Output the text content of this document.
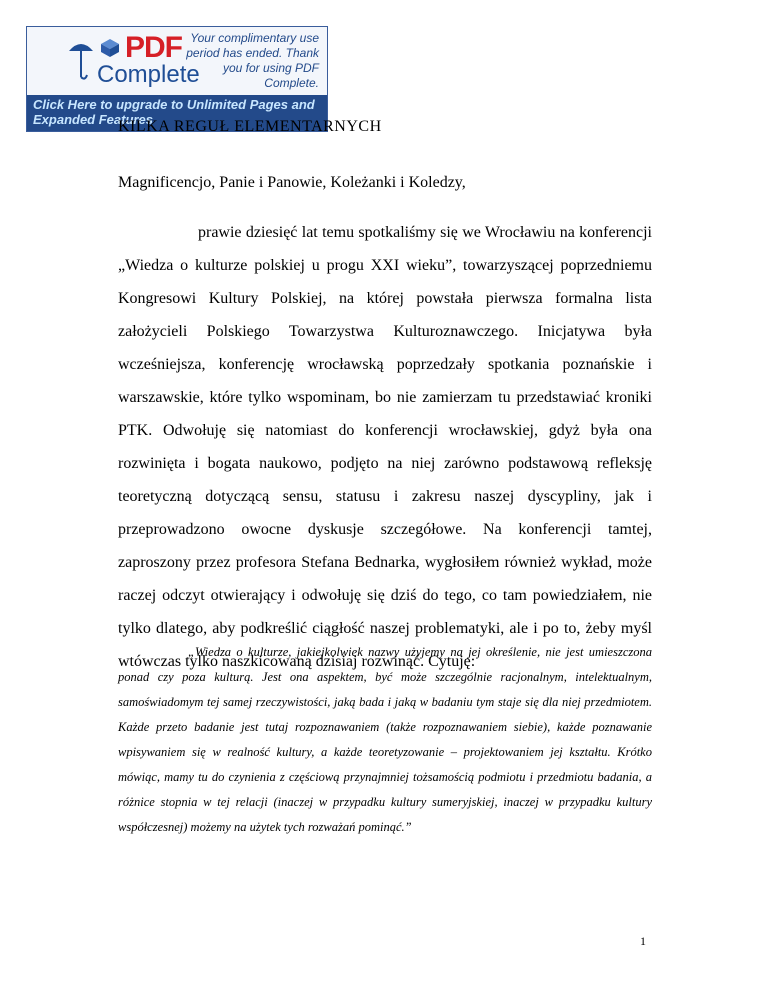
PDF
Complete
Your complimentary use period has ended. Thank you for using PDF Complete.
Click Here to upgrade to Unlimited Pages and Expanded Features
KILKA REGUŁ ELEMENTARNYCH
Magnificencjo, Panie i Panowie, Koleżanki i Koledzy,
prawie dziesięć lat temu spotkaliśmy się we Wrocławiu na konferencji „Wiedza o kulturze polskiej u progu XXI wieku”, towarzyszącej poprzedniemu Kongresowi Kultury Polskiej, na której powstała pierwsza formalna lista założycieli Polskiego Towarzystwa Kulturoznawczego. Inicjatywa była wcześniejsza, konferencję wrocławską poprzedzały spotkania poznańskie i warszawskie, które tylko wspominam, bo nie zamierzam tu przedstawiać kroniki PTK. Odwołuję się natomiast do konferencji wrocławskiej, gdyż była ona rozwinięta i bogata naukowo, podjęto na niej zarówno podstawową refleksję teoretyczną dotyczącą sensu, statusu i zakresu naszej dyscypliny, jak i przeprowadzono owocne dyskusje szczegółowe. Na konferencji tamtej, zaproszony przez profesora Stefana Bednarka, wygłosiłem również wykład, może raczej odczyt otwierający i odwołuję się dziś do tego, co tam powiedziałem, nie tylko dlatego, aby podkreślić ciągłość naszej problematyki, ale i po to, żeby myśl wtówczas tylko naszkicowaną dzisiaj rozwinąć. Cytuję:
„Wiedza o kulturze, jakiejkolwiek nazwy użyjemy na jej określenie, nie jest umieszczona ponad czy poza kulturą. Jest ona aspektem, być może szczególnie racjonalnym, intelektualnym, samoświadomym tej samej rzeczywistości, jaką bada i jaką w badaniu tym staje się dla niej przedmiotem. Każde przeto badanie jest tutaj rozpoznawaniem (także rozpoznawaniem siebie), każde poznawanie wpisywaniem się w realność kultury, a każde teoretyzowanie – projektowaniem jej kształtu. Krótko mówiąc, mamy tu do czynienia z częściową przynajmniej tożsamością podmiotu i przedmiotu badania, a różnice stopnia w tej relacji (inaczej w przypadku kultury sumeryjskiej, inaczej w przypadku kultury współczesnej) możemy na użytek tych rozważań pominąć.”
1
